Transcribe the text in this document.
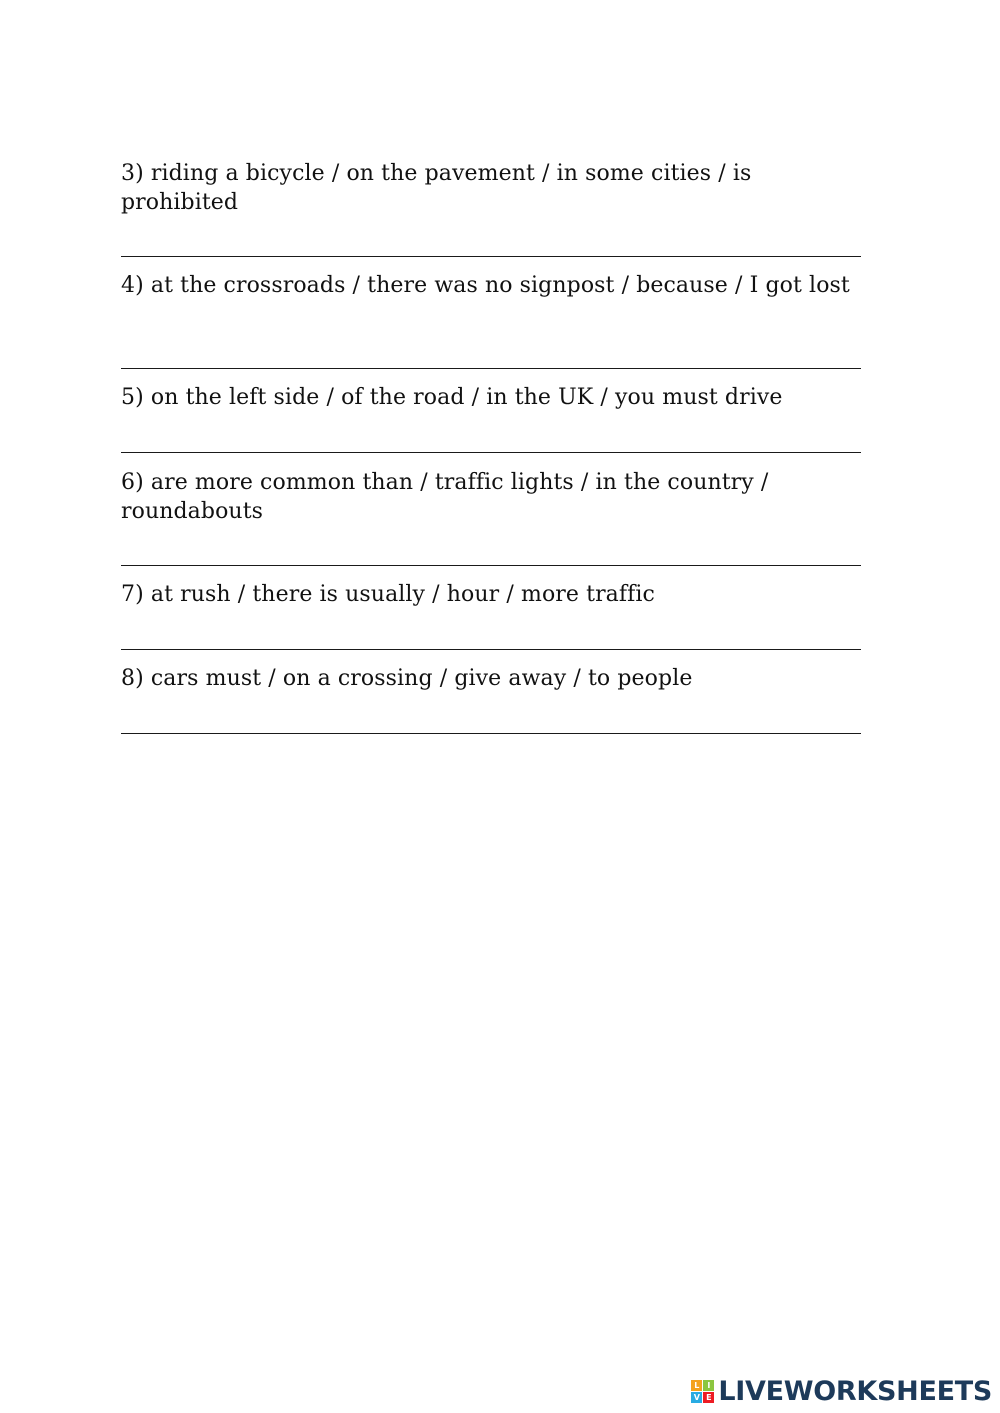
3) riding a bicycle / on the pavement / in some cities / is prohibited

4) at the crossroads / there was no signpost / because / I got lost

5) on the left side / of the road / in the UK / you must drive

6) are more common than / traffic lights / in the country / roundabouts

7) at rush / there is usually / hour / more traffic

8) cars must / on a crossing / give away / to people

L I
V E LIVEWORKSHEETS
